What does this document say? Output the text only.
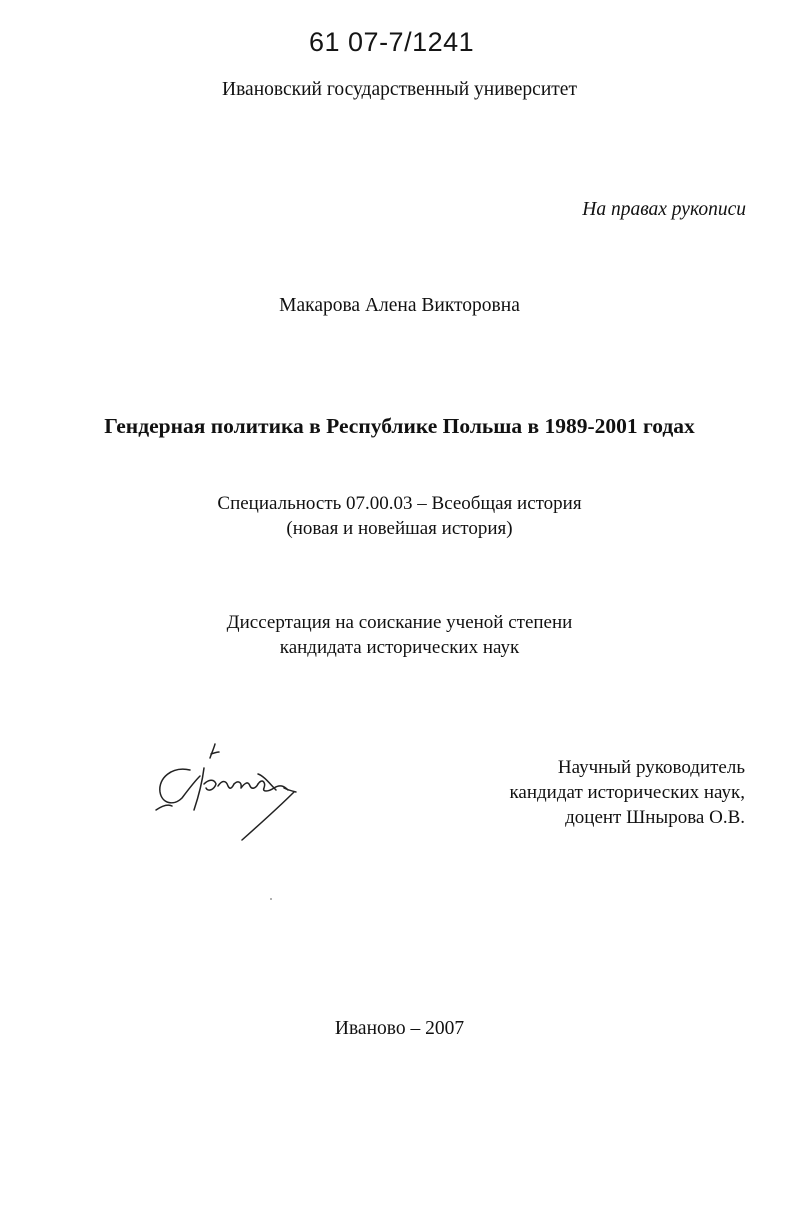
61 07-7/1241
Ивановский государственный университет
На правах рукописи
Макарова Алена Викторовна
Гендерная политика в Республике Польша в 1989-2001 годах
Специальность 07.00.03 – Всеобщая история
(новая и новейшая история)
Диссертация на соискание ученой степени
кандидата исторических наук
Научный руководитель
кандидат исторических наук,
доцент Шнырова О.В.
Иваново – 2007
